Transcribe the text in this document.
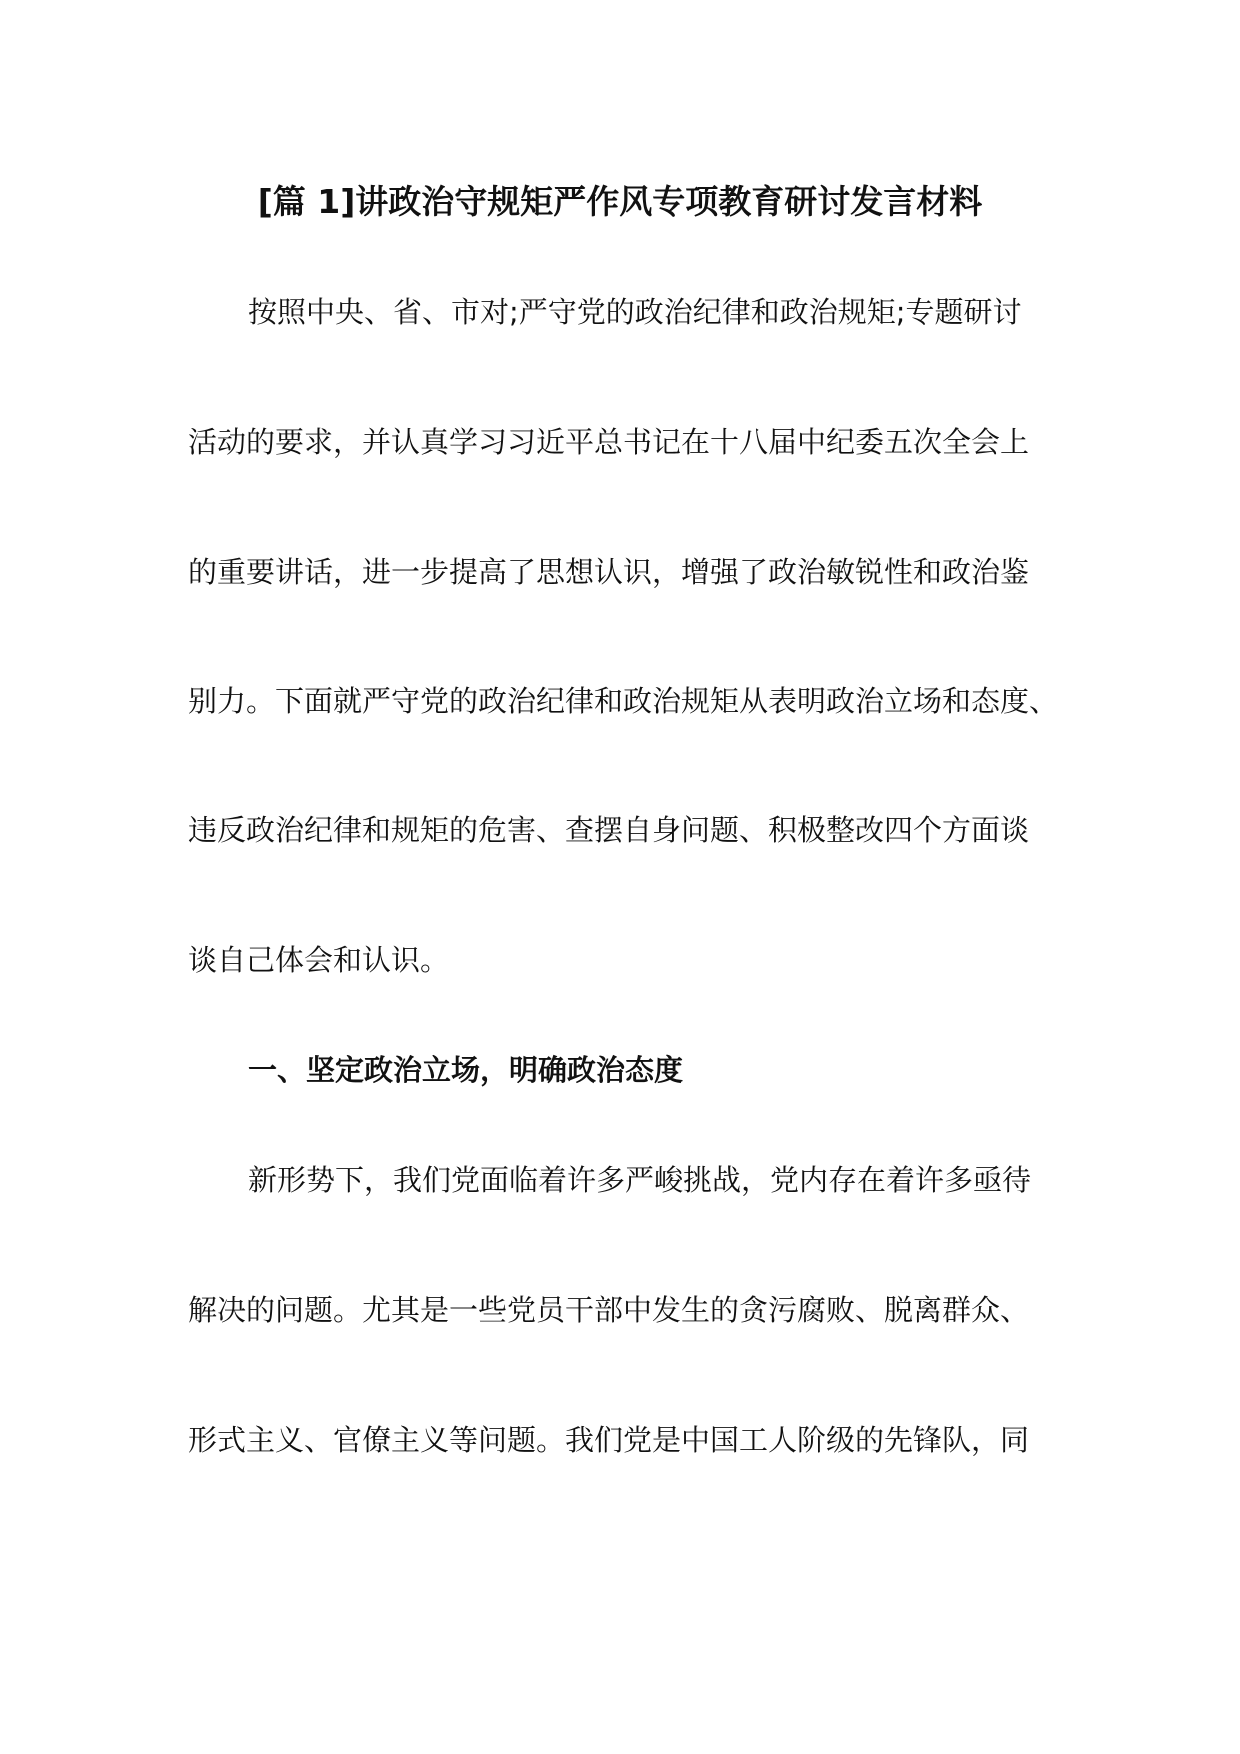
[篇 1]讲政治守规矩严作风专项教育研讨发言材料
按照中央、省、市对;严守党的政治纪律和政治规矩;专题研讨
活动的要求，并认真学习习近平总书记在十八届中纪委五次全会上
的重要讲话，进一步提高了思想认识，增强了政治敏锐性和政治鉴
别力。下面就严守党的政治纪律和政治规矩从表明政治立场和态度、
违反政治纪律和规矩的危害、查摆自身问题、积极整改四个方面谈
谈自己体会和认识。
一、坚定政治立场，明确政治态度
新形势下，我们党面临着许多严峻挑战，党内存在着许多亟待
解决的问题。尤其是一些党员干部中发生的贪污腐败、脱离群众、
形式主义、官僚主义等问题。我们党是中国工人阶级的先锋队，同
